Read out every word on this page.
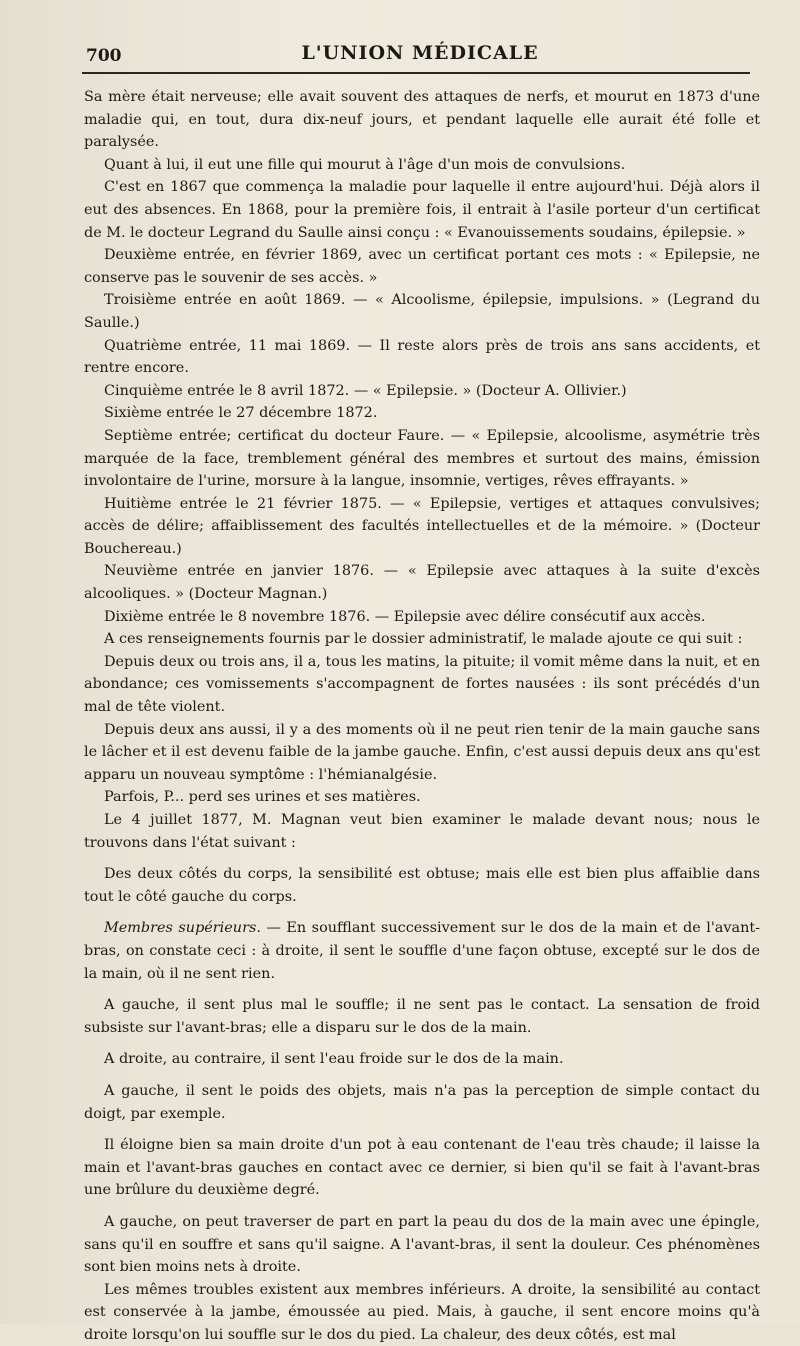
700	L'UNION MÉDICALE

Sa mère était nerveuse; elle avait souvent des attaques de nerfs, et mourut en 1873 d'une maladie qui, en tout, dura dix-neuf jours, et pendant laquelle elle aurait été folle et paralysée.

Quant à lui, il eut une fille qui mourut à l'âge d'un mois de convulsions.

C'est en 1867 que commença la maladie pour laquelle il entre aujourd'hui. Déjà alors il eut des absences. En 1868, pour la première fois, il entrait à l'asile porteur d'un certificat de M. le docteur Legrand du Saulle ainsi conçu : « Evanouissements soudains, épilepsie. »

Deuxième entrée, en février 1869, avec un certificat portant ces mots : « Epilepsie, ne conserve pas le souvenir de ses accès. »

Troisième entrée en août 1869. — « Alcoolisme, épilepsie, impulsions. » (Legrand du Saulle.)

Quatrième entrée, 11 mai 1869. — Il reste alors près de trois ans sans accidents, et rentre encore.

Cinquième entrée le 8 avril 1872. — « Epilepsie. » (Docteur A. Ollivier.)

Sixième entrée le 27 décembre 1872.

Septième entrée; certificat du docteur Faure. — « Epilepsie, alcoolisme, asymétrie très marquée de la face, tremblement général des membres et surtout des mains, émission involontaire de l'urine, morsure à la langue, insomnie, vertiges, rêves effrayants. »

Huitième entrée le 21 février 1875. — « Epilepsie, vertiges et attaques convulsives; accès de délire; affaiblissement des facultés intellectuelles et de la mémoire. » (Docteur Bouchereau.)

Neuvième entrée en janvier 1876. — « Epilepsie avec attaques à la suite d'excès alcooliques. » (Docteur Magnan.)

Dixième entrée le 8 novembre 1876. — Epilepsie avec délire consécutif aux accès.

A ces renseignements fournis par le dossier administratif, le malade ajoute ce qui suit :

Depuis deux ou trois ans, il a, tous les matins, la pituite; il vomit même dans la nuit, et en abondance; ces vomissements s'accompagnent de fortes nausées : ils sont précédés d'un mal de tête violent.

Depuis deux ans aussi, il y a des moments où il ne peut rien tenir de la main gauche sans le lâcher et il est devenu faible de la jambe gauche. Enfin, c'est aussi depuis deux ans qu'est apparu un nouveau symptôme : l'hémianalgésie.

Parfois, P... perd ses urines et ses matières.

Le 4 juillet 1877, M. Magnan veut bien examiner le malade devant nous; nous le trouvons dans l'état suivant :

Des deux côtés du corps, la sensibilité est obtuse; mais elle est bien plus affaiblie dans tout le côté gauche du corps.

Membres supérieurs. — En soufflant successivement sur le dos de la main et de l'avant-bras, on constate ceci : à droite, il sent le souffle d'une façon obtuse, excepté sur le dos de la main, où il ne sent rien.

A gauche, il sent plus mal le souffle; il ne sent pas le contact. La sensation de froid subsiste sur l'avant-bras; elle a disparu sur le dos de la main.

A droite, au contraire, il sent l'eau froide sur le dos de la main.

A gauche, il sent le poids des objets, mais n'a pas la perception de simple contact du doigt, par exemple.

Il éloigne bien sa main droite d'un pot à eau contenant de l'eau très chaude; il laisse la main et l'avant-bras gauches en contact avec ce dernier, si bien qu'il se fait à l'avant-bras une brûlure du deuxième degré.

A gauche, on peut traverser de part en part la peau du dos de la main avec une épingle, sans qu'il en souffre et sans qu'il saigne. A l'avant-bras, il sent la douleur. Ces phénomènes sont bien moins nets à droite.

Les mêmes troubles existent aux membres inférieurs. A droite, la sensibilité au contact est conservée à la jambe, émoussée au pied. Mais, à gauche, il sent encore moins qu'à droite lorsqu'on lui souffle sur le dos du pied. La chaleur, des deux côtés, est mal
